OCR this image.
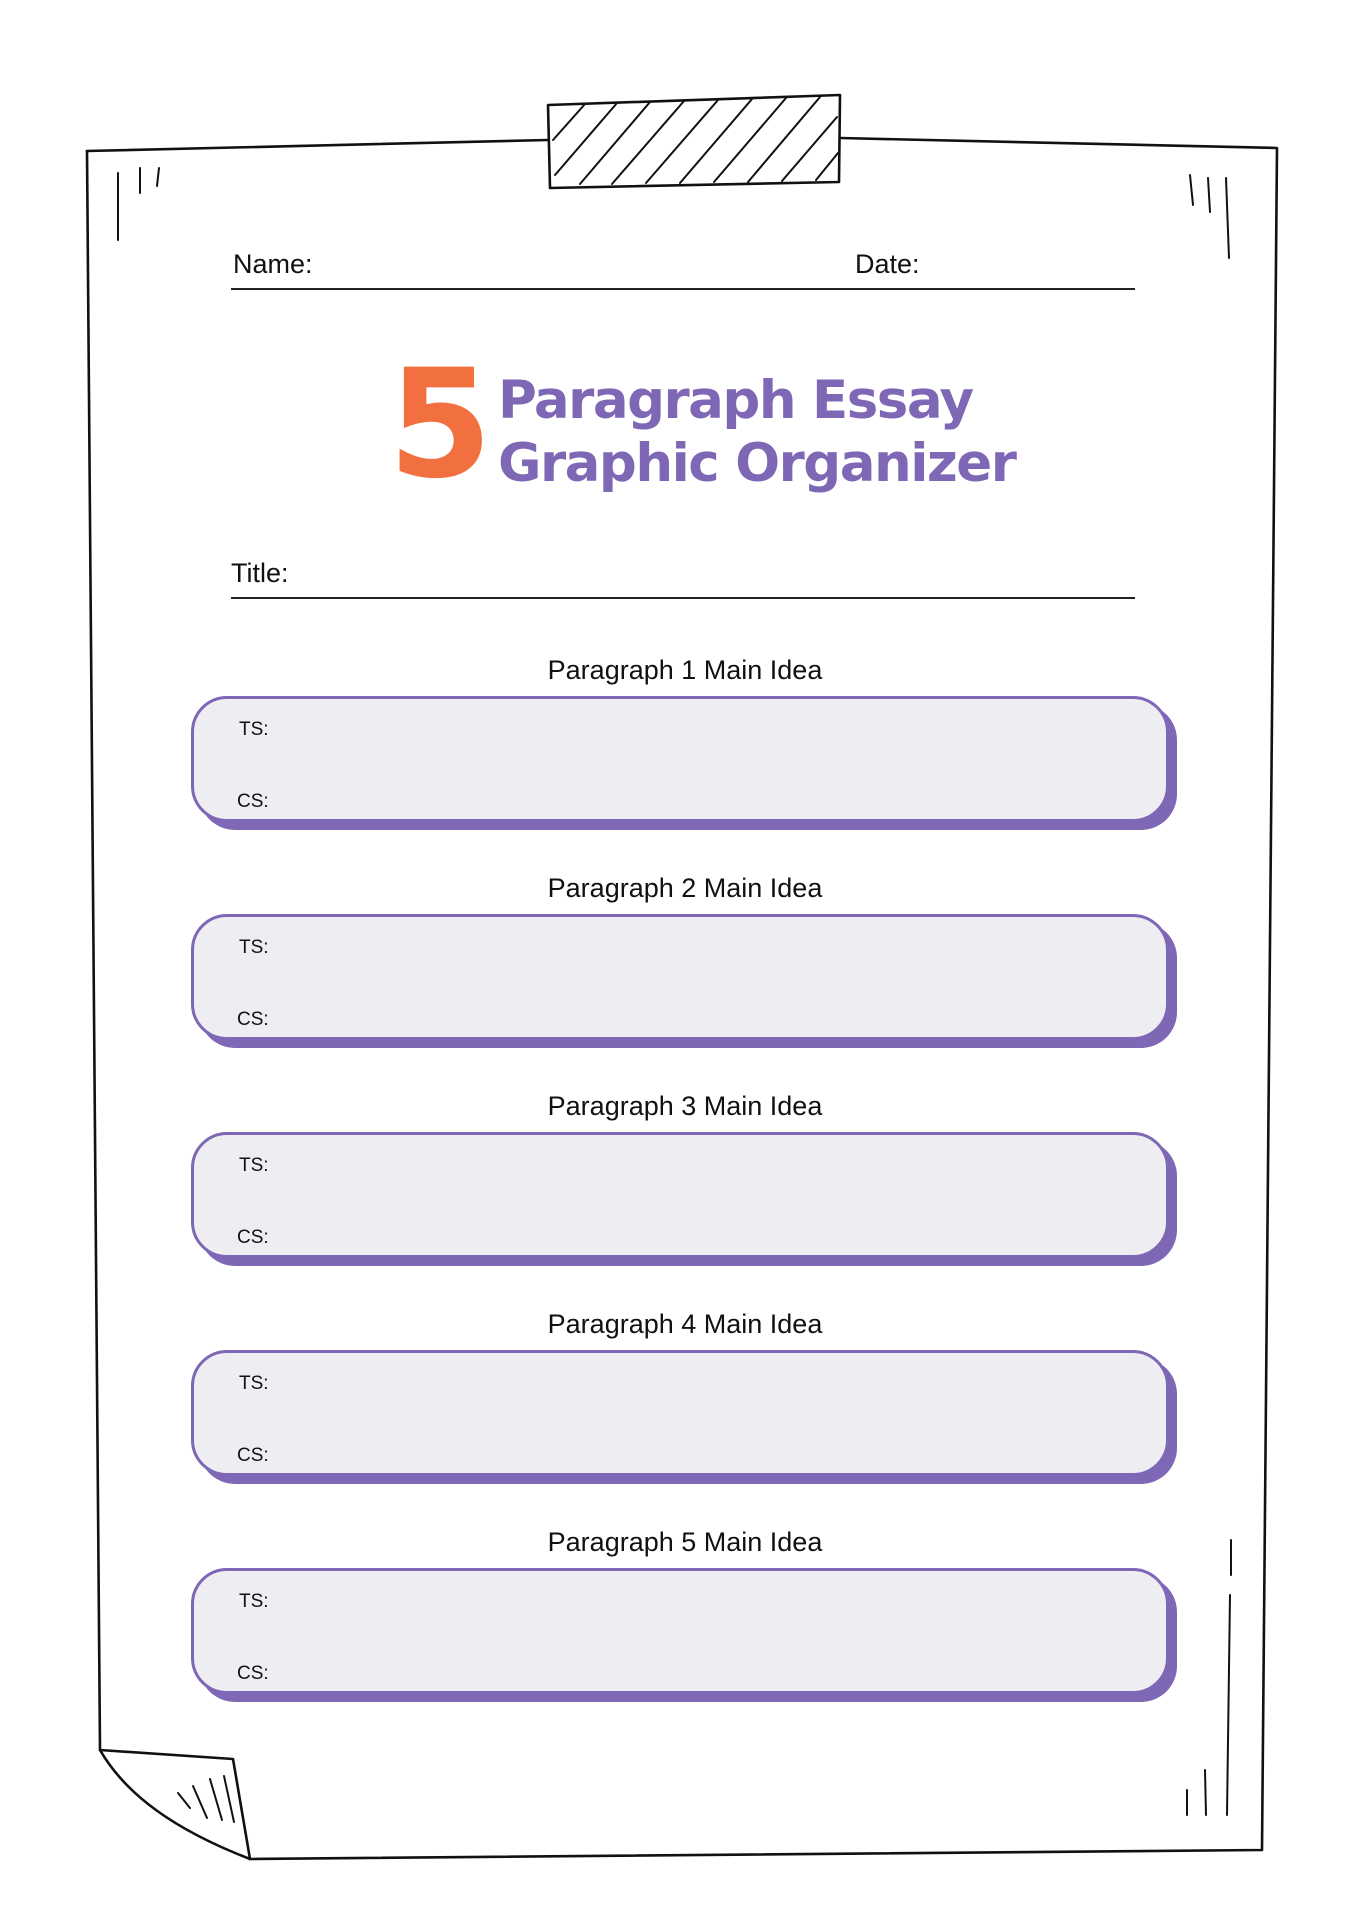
Name:	Date:
5 Paragraph Essay
Graphic Organizer
Title:
Paragraph 1 Main Idea
TS:
CS:
Paragraph 2 Main Idea
TS:
CS:
Paragraph 3 Main Idea
TS:
CS:
Paragraph 4 Main Idea
TS:
CS:
Paragraph 5 Main Idea
TS:
CS:
